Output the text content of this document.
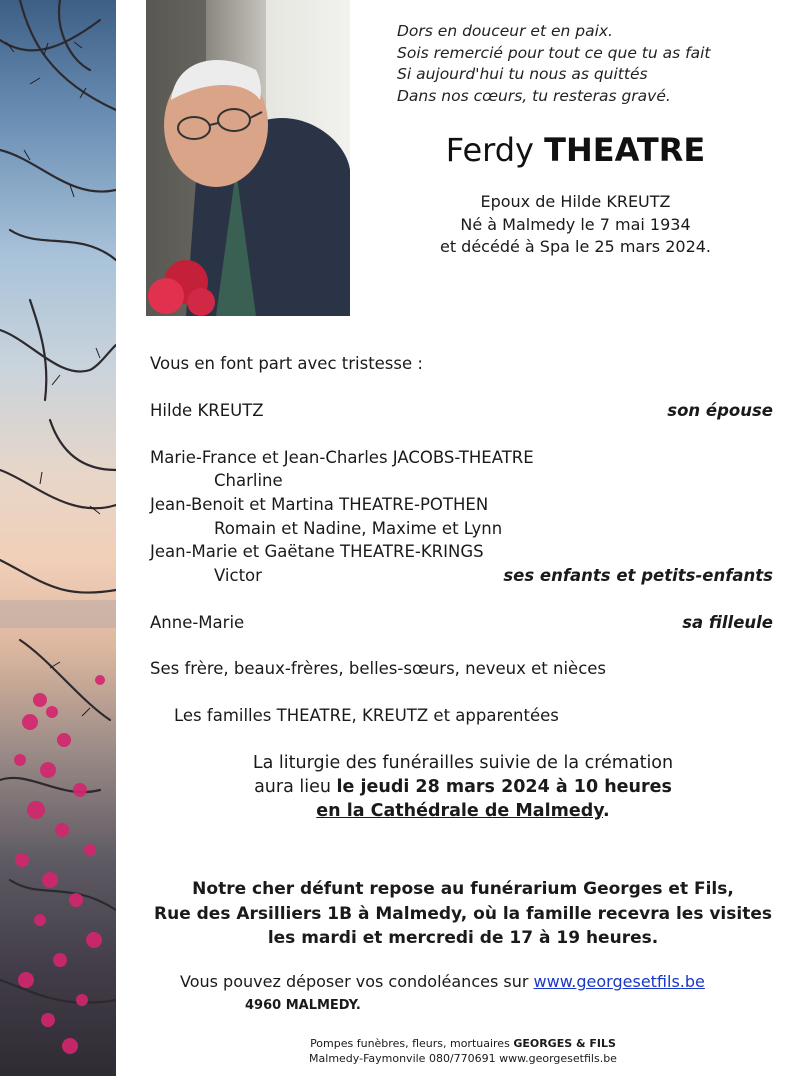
Dors en douceur et en paix.
Sois remercié pour tout ce que tu as fait
Si aujourd'hui tu nous as quittés
Dans nos cœurs, tu resteras gravé.
Ferdy THEATRE
Epoux de Hilde KREUTZ
Né à Malmedy le 7 mai 1934
et décédé à Spa le 25 mars 2024.
Vous en font part avec tristesse :
Hilde KREUTZ	son épouse
Marie-France et Jean-Charles JACOBS-THEATRE
Charline
Jean-Benoit et Martina THEATRE-POTHEN
Romain et Nadine, Maxime et Lynn
Jean-Marie et Gaëtane THEATRE-KRINGS
Victor	ses enfants et petits-enfants
Anne-Marie	sa filleule
Ses frère, beaux-frères, belles-sœurs, neveux et nièces
Les familles THEATRE, KREUTZ et apparentées
La liturgie des funérailles suivie de la crémation
aura lieu le jeudi 28 mars 2024 à 10 heures
en la Cathédrale de Malmedy.
Notre cher défunt repose au funérarium Georges et Fils,
Rue des Arsilliers 1B à Malmedy, où la famille recevra les visites
les mardi et mercredi de 17 à 19 heures.
Vous pouvez déposer vos condoléances sur www.georgesetfils.be
4960 MALMEDY.
Pompes funèbres, fleurs, mortuaires GEORGES & FILS
Malmedy-Faymonvile 080/770691 www.georgesetfils.be
